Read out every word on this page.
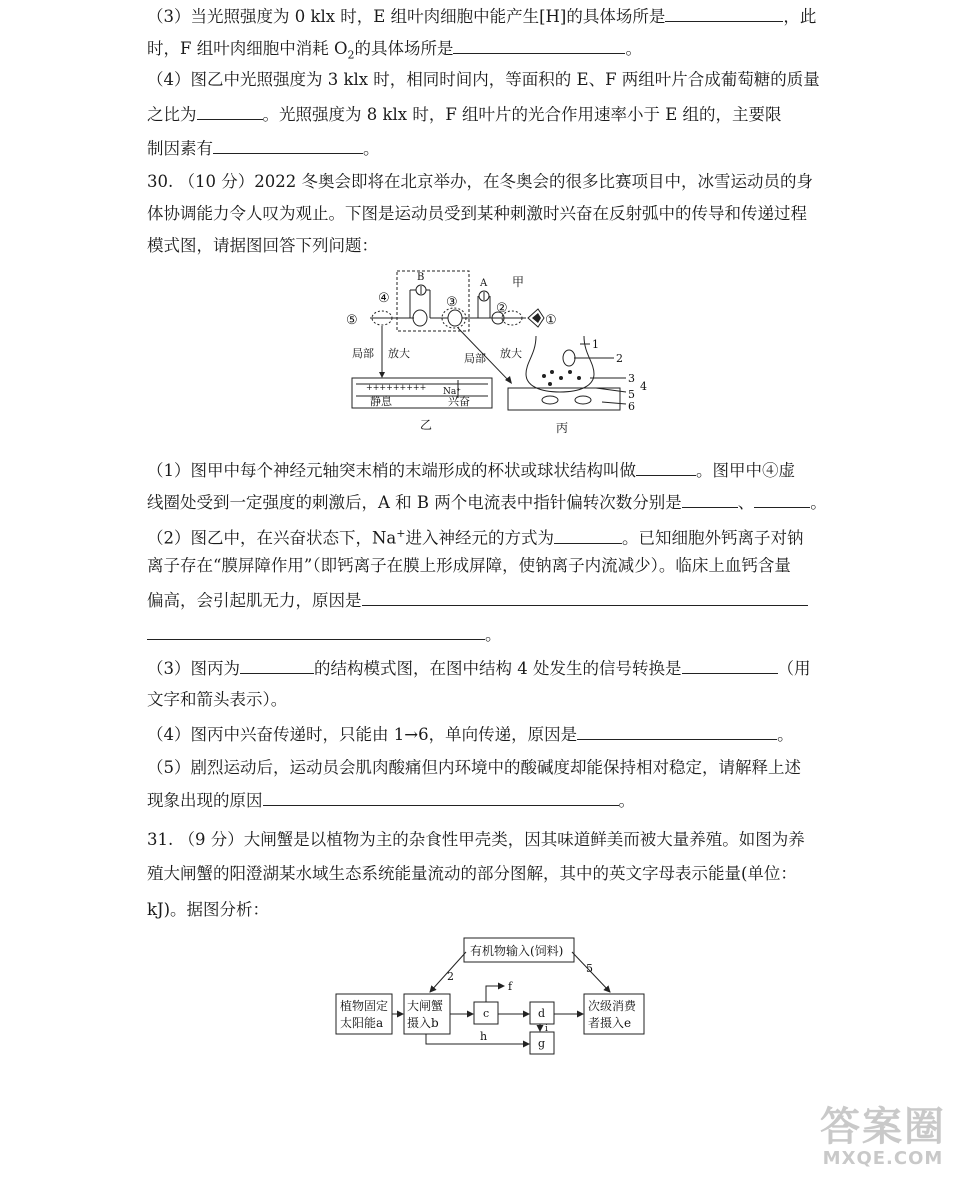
（3）当光照强度为 0 klx 时，E 组叶肉细胞中能产生[H]的具体场所是	，此
时，F 组叶肉细胞中消耗 $O_2$的具体场所是	。
（4）图乙中光照强度为 3 klx 时，相同时间内，等面积的 E、F 两组叶片合成葡萄糖的质量
之比为	。光照强度为 8 klx 时，F 组叶片的光合作用速率小于 E 组的，主要限
制因素有	。
30. （10 分）2022 冬奥会即将在北京举办，在冬奥会的很多比赛项目中，冰雪运动员的身
体协调能力令人叹为观止。下图是运动员受到某种刺激时兴奋在反射弧中的传导和传递过程
模式图，请据图回答下列问题：
B
A 甲
⑤
④	③	②
①
局部 放大	局部 放大
+++++++++ Na⁺
静息	兴奋
乙
1
2
3
4
5
6
丙
（1）图甲中每个神经元轴突末梢的末端形成的杯状或球状结构叫做	。图甲中④虚
线圈处受到一定强度的刺激后，A 和 B 两个电流表中指针偏转次数分别是	、	。
（2）图乙中，在兴奋状态下，Na+进入神经元的方式为	。已知细胞外钙离子对钠
离子存在“膜屏障作用”（即钙离子在膜上形成屏障，使钠离子内流减少）。临床上血钙含量
偏高，会引起肌无力，原因是
。
（3）图丙为	的结构模式图，在图中结构 4 处发生的信号转换是	（用
文字和箭头表示）。
（4）图丙中兴奋传递时，只能由 1→6，单向传递，原因是	。
（5）剧烈运动后，运动员会肌肉酸痛但内环境中的酸碱度却能保持相对稳定，请解释上述
现象出现的原因	。
31. （9 分）大闸蟹是以植物为主的杂食性甲壳类，因其味道鲜美而被大量养殖。如图为养
殖大闸蟹的阳澄湖某水域生态系统能量流动的部分图解，其中的英文字母表示能量(单位：
kJ)。据图分析：
有机物输入(饲料)
植物固定
太阳能a
大闸蟹
摄入b
c	d
g
次级消费
者摄入e
2
5
f
i
h
答案圈
MXQE.COM
